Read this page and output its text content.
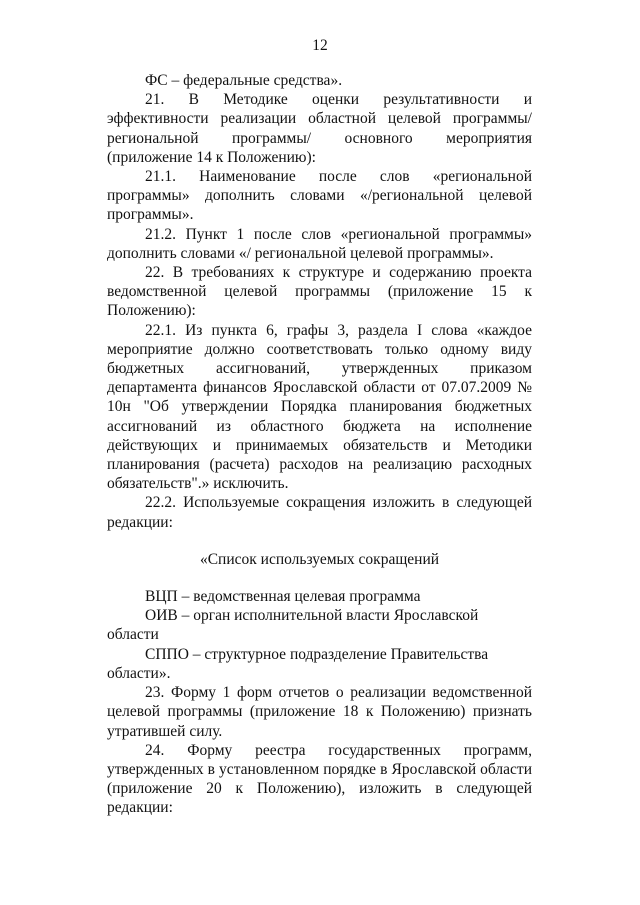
12

ФС – федеральные средства».

21. В Методике оценки результативности и эффективности реализации областной целевой программы/ региональной программы/ основного мероприятия (приложение 14 к Положению):

21.1. Наименование после слов «региональной программы» дополнить словами «/региональной целевой программы».

21.2. Пункт 1 после слов «региональной программы» дополнить словами «/ региональной целевой программы».

22. В требованиях к структуре и содержанию проекта ведомственной целевой программы (приложение 15 к Положению):

22.1. Из пункта 6, графы 3, раздела I слова «каждое мероприятие должно соответствовать только одному виду бюджетных ассигнований, утвержденных приказом департамента финансов Ярославской области от 07.07.2009 № 10н "Об утверждении Порядка планирования бюджетных ассигнований из областного бюджета на исполнение действующих и принимаемых обязательств и Методики планирования (расчета) расходов на реализацию расходных обязательств".» исключить.

22.2. Используемые сокращения изложить в следующей редакции:

«Список используемых сокращений

ВЦП – ведомственная целевая программа

ОИВ – орган исполнительной власти Ярославской области

СППО – структурное подразделение Правительства области».

23. Форму 1 форм отчетов о реализации ведомственной целевой программы (приложение 18 к Положению) признать утратившей силу.

24. Форму реестра государственных программ, утвержденных в установленном порядке в Ярославской области (приложение 20 к Положению), изложить в следующей редакции:
